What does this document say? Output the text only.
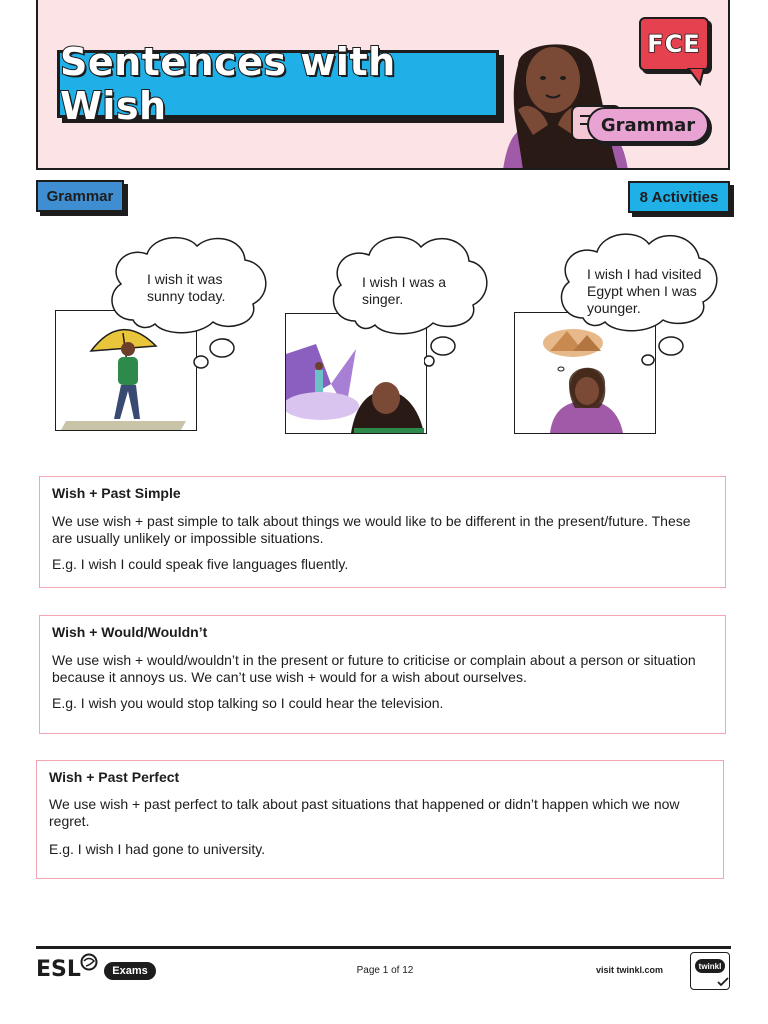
Sentences with Wish
FCE
Grammar
Grammar	8 Activities
I wish it was sunny today.
I wish I was a singer.
I wish I had visited Egypt when I was younger.
Wish + Past Simple

We use wish + past simple to talk about things we would like to be different in the present/future. These are usually unlikely or impossible situations.

E.g. I wish I could speak five languages fluently.

Wish + Would/Wouldn’t

We use wish + would/wouldn’t in the present or future to criticise or complain about a person or situation because it annoys us. We can’t use wish + would for a wish about ourselves.

E.g. I wish you would stop talking so I could hear the television.

Wish + Past Perfect

We use wish + past perfect to talk about past situations that happened or didn’t happen which we now regret.

E.g. I wish I had gone to university.

ESL	Exams	Page 1 of 12	visit twinkl.com	twinkl
